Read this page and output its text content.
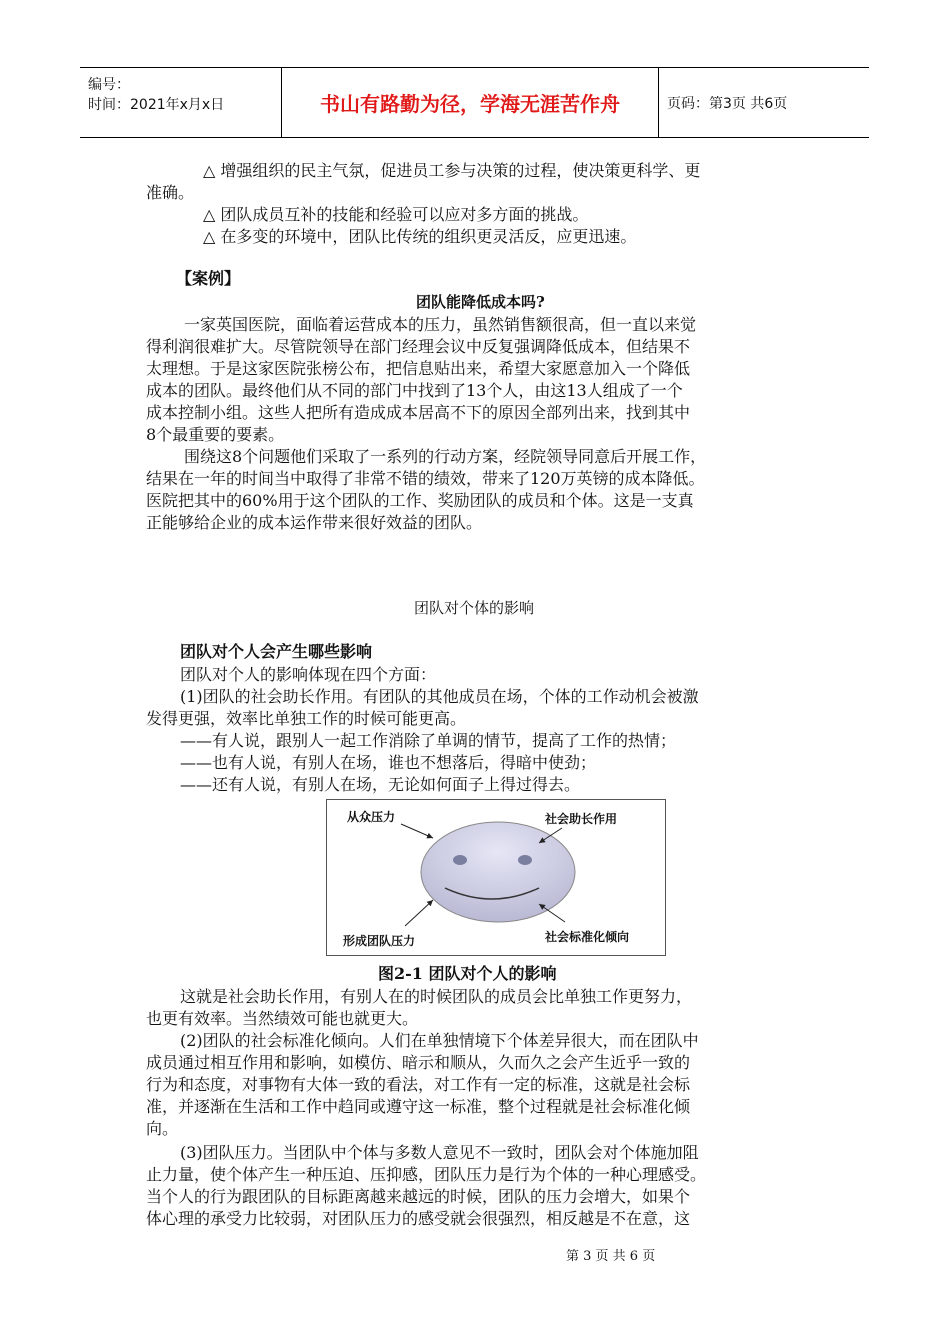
编号：
时间：2021年x月x日	书山有路勤为径，学海无涯苦作舟	页码：第3页 共6页
△ 增强组织的民主气氛，促进员工参与决策的过程，使决策更科学、更
准确。
△ 团队成员互补的技能和经验可以应对多方面的挑战。
△ 在多变的环境中，团队比传统的组织更灵活反，应更迅速。
【案例】
团队能降低成本吗?
一家英国医院，面临着运营成本的压力，虽然销售额很高，但一直以来觉
得利润很难扩大。尽管院领导在部门经理会议中反复强调降低成本，但结果不
太理想。于是这家医院张榜公布，把信息贴出来，希望大家愿意加入一个降低
成本的团队。最终他们从不同的部门中找到了13个人，由这13人组成了一个
成本控制小组。这些人把所有造成成本居高不下的原因全部列出来，找到其中
8个最重要的要素。
围绕这8个问题他们采取了一系列的行动方案，经院领导同意后开展工作，
结果在一年的时间当中取得了非常不错的绩效，带来了120万英镑的成本降低。
医院把其中的60%用于这个团队的工作、奖励团队的成员和个体。这是一支真
正能够给企业的成本运作带来很好效益的团队。
团队对个体的影响
团队对个人会产生哪些影响
团队对个人的影响体现在四个方面：
(1)团队的社会助长作用。有团队的其他成员在场，个体的工作动机会被激
发得更强，效率比单独工作的时候可能更高。
——有人说，跟别人一起工作消除了单调的情节，提高了工作的热情；
——也有人说，有别人在场，谁也不想落后，得暗中使劲；
——还有人说，有别人在场，无论如何面子上得过得去。
从众压力	社会助长作用
形成团队压力	社会标准化倾向
图2-1 团队对个人的影响
这就是社会助长作用，有别人在的时候团队的成员会比单独工作更努力，
也更有效率。当然绩效可能也就更大。
(2)团队的社会标准化倾向。人们在单独情境下个体差异很大，而在团队中
成员通过相互作用和影响，如模仿、暗示和顺从，久而久之会产生近乎一致的
行为和态度，对事物有大体一致的看法，对工作有一定的标准，这就是社会标
准，并逐渐在生活和工作中趋同或遵守这一标准，整个过程就是社会标准化倾
向。
(3)团队压力。当团队中个体与多数人意见不一致时，团队会对个体施加阻
止力量，使个体产生一种压迫、压抑感，团队压力是行为个体的一种心理感受。
当个人的行为跟团队的目标距离越来越远的时候，团队的压力会增大，如果个
体心理的承受力比较弱，对团队压力的感受就会很强烈，相反越是不在意，这
第 3 页 共 6 页
